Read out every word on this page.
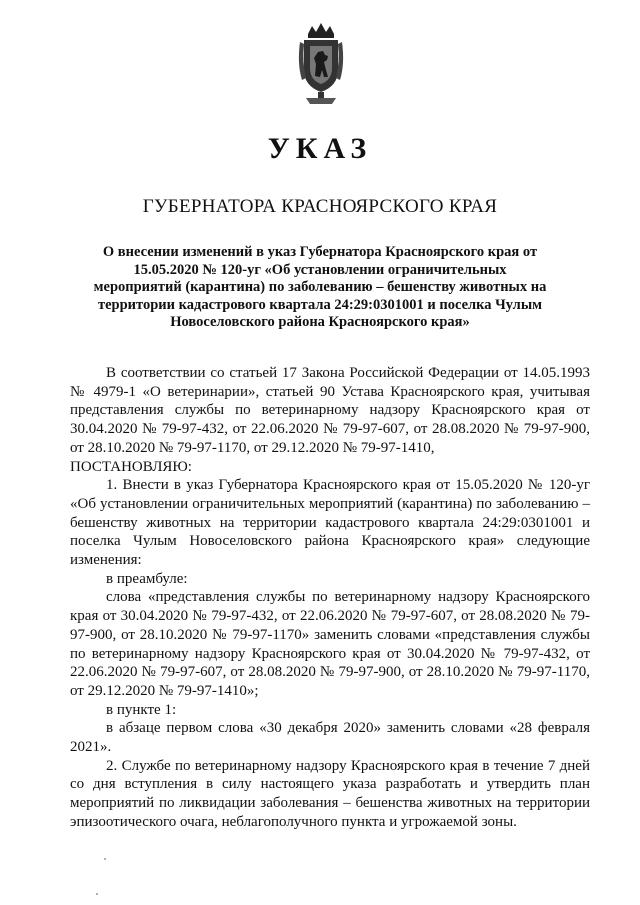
УКАЗ
ГУБЕРНАТОРА КРАСНОЯРСКОГО КРАЯ
О внесении изменений в указ Губернатора Красноярского края от 15.05.2020 № 120-уг «Об установлении ограничительных мероприятий (карантина) по заболеванию – бешенству животных на территории кадастрового квартала 24:29:0301001 и поселка Чулым Новоселовского района Красноярского края»

В соответствии со статьей 17 Закона Российской Федерации от 14.05.1993 № 4979-1 «О ветеринарии», статьей 90 Устава Красноярского края, учитывая представления службы по ветеринарному надзору Красноярского края от 30.04.2020 № 79-97-432, от 22.06.2020 № 79-97-607, от 28.08.2020 № 79-97-900, от 28.10.2020 № 79-97-1170, от 29.12.2020 № 79-97-1410,

ПОСТАНОВЛЯЮ:

1. Внести в указ Губернатора Красноярского края от 15.05.2020 № 120-уг «Об установлении ограничительных мероприятий (карантина) по заболеванию – бешенству животных на территории кадастрового квартала 24:29:0301001 и поселка Чулым Новоселовского района Красноярского края» следующие изменения:

в преамбуле:

слова «представления службы по ветеринарному надзору Красноярского края от 30.04.2020 № 79-97-432, от 22.06.2020 № 79-97-607, от 28.08.2020 № 79-97-900, от 28.10.2020 № 79-97-1170» заменить словами «представления службы по ветеринарному надзору Красноярского края от 30.04.2020 № 79-97-432, от 22.06.2020 № 79-97-607, от 28.08.2020 № 79-97-900, от 28.10.2020 № 79-97-1170, от 29.12.2020 № 79-97-1410»;

в пункте 1:

в абзаце первом слова «30 декабря 2020» заменить словами «28 февраля 2021».

2. Службе по ветеринарному надзору Красноярского края в течение 7 дней со дня вступления в силу настоящего указа разработать и утвердить план мероприятий по ликвидации заболевания – бешенства животных на территории эпизоотического очага, неблагополучного пункта и угрожаемой зоны.
